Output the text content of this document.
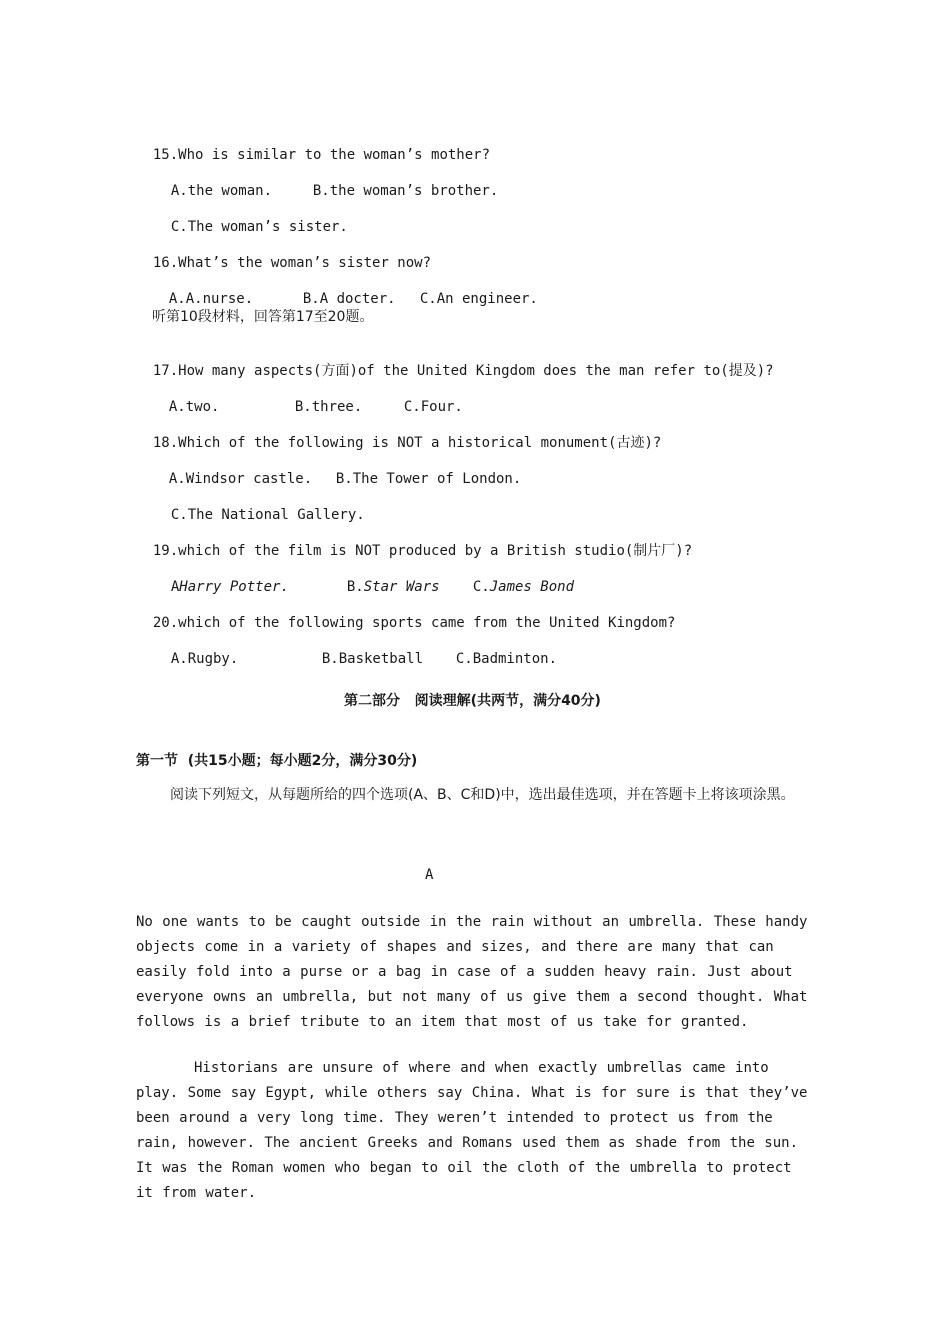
15.Who is similar to the woman’s mother?

A.the woman.	B.the woman’s brother.

C.The woman’s sister.

16.What’s the woman’s sister now?

A.A.nurse.	B.A docter. C.An engineer.

听第10段材料，回答第17至20题。

17.How many aspects(方面)of the United Kingdom does the man refer to(提及)?

A.two.	B.three.	C.Four.

18.Which of the following is NOT a historical monument(古迹)?

A.Windsor castle. B.The Tower of London.

C.The National Gallery.

19.which of the film is NOT produced by a British studio(制片厂)?

AHarry Potter.	B.Star Wars C.James Bond

20.which of the following sports came from the United Kingdom?

A.Rugby.	B.Basketball C.Badminton.

第二部分   阅读理解(共两节，满分40分)
第一节  (共15小题；每小题2分，满分30分)
阅读下列短文，从每题所给的四个选项(A、B、C和D)中，选出最佳选项，并在答题卡上将该项涂黑。
A
No one wants to be caught outside in the rain without an umbrella. These handy objects come in a variety of shapes and sizes, and there are many that can easily fold into a purse or a bag in case of a sudden heavy rain. Just about everyone owns an umbrella, but not many of us give them a second thought. What follows is a brief tribute to an item that most of us take for granted.
Historians are unsure of where and when exactly umbrellas came into play. Some say Egypt, while others say China. What is for sure is that they’ve been around a very long time. They weren’t intended to protect us from the rain, however. The ancient Greeks and Romans used them as shade from the sun. It was the Roman women who began to oil the cloth of the umbrella to protect it from water.
